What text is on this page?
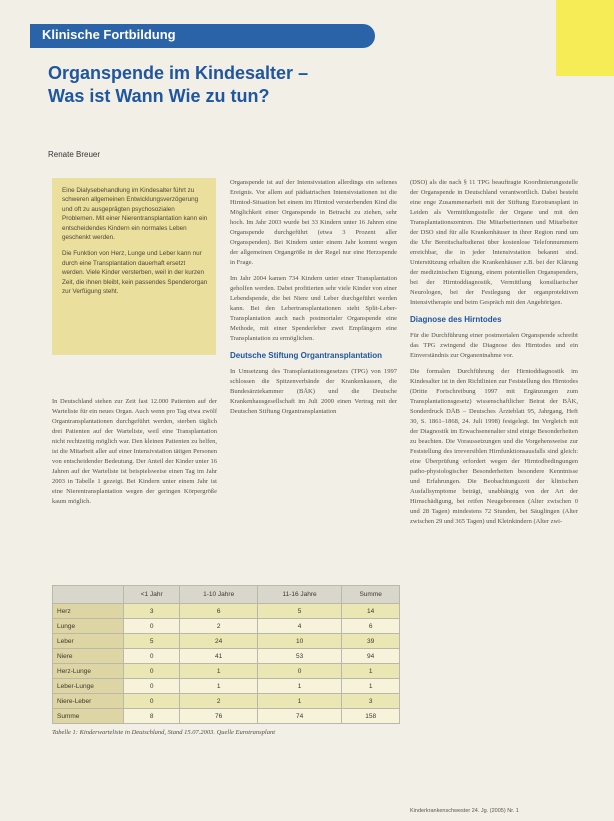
Klinische Fortbildung
Organspende im Kindesalter –
Was ist Wann Wie zu tun?
Renate Breuer

Eine Dialysebehandlung im Kindesalter führt zu schweren allgemeinen Entwicklungsverzögerung und oft zu ausgeprägten psychosozialen Problemen. Mit einer Nierentransplantation kann ein entscheidendes Kindern ein normales Leben geschenkt werden.

Die Funktion von Herz, Lunge und Leber kann nur durch eine Transplantation dauerhaft ersetzt werden. Viele Kinder versterben, weil in der kurzen Zeit, die ihnen bleibt, kein passendes Spenderorgan zur Verfügung steht.

In Deutschland stehen zur Zeit fast 12.000 Patienten auf der Warteliste für ein neues Organ. Auch wenn pro Tag etwa zwölf Organtransplantationen durchgeführt werden, sterben täglich drei Patienten auf der Warteliste, weil eine Transplantation nicht rechtzeitig möglich war. Den kleinen Patienten zu helfen, ist die Mitarbeit aller auf einer Intensivstation tätigen Personen von entscheidender Bedeutung. Der Anteil der Kinder unter 16 Jahren auf der Warteliste ist beispielsweise einen Tag im Jahr 2003 in Tabelle 1 gezeigt. Bei Kindern unter einem Jahr ist eine Nierentransplantation wegen der geringen Körpergröße kaum möglich.

Organspende ist auf der Intensivstation allerdings ein seltenes Ereignis. Vor allem auf pädiatrischen Intensivstationen ist die Hirntod-Situation bei einem im Hirntod versterbenden Kind die Möglichkeit einer Organspende in Betracht zu ziehen, sehr hoch. Im Jahr 2003 wurde bei 33 Kindern unter 16 Jahren eine Organspende durchgeführt (etwa 3 Prozent aller Organspenden). Bei Kindern unter einem Jahr kommt wegen der allgemeinen Organgröße in der Regel nur eine Herzspende in Frage.

Im Jahr 2004 kamen 734 Kindern unter einer Transplantation geholfen werden. Dabei profitierten sehr viele Kinder von einer Lebendspende, die bei Niere und Leber durchgeführt werden kann. Bei den Lebertransplantationen steht Split-Leber-Transplantation auch nach postmortaler Organspende eine Methode, mit einer Spenderleber zwei Empfängern eine Transplantation zu ermöglichen.

Deutsche Stiftung Organtransplantation

In Umsetzung des Transplantationsgesetzes (TPG) von 1997 schlossen die Spitzenverbände der Krankenkassen, die Bundesärztekammer (BÄK) und die Deutsche Krankenhausgesellschaft im Juli 2000 einen Vertrag mit der Deutschen Stiftung Organtransplantation

(DSO) als die nach § 11 TPG beauftragte Koordinierungsstelle der Organspende in Deutschland verantwortlich. Dabei besteht eine enge Zusammenarbeit mit der Stiftung Eurotransplant in Leiden als Vermittlungsstelle der Organe und mit den Transplantationszentren. Die Mitarbeiterinnen und Mitarbeiter der DSO sind für alle Krankenhäuser in ihrer Region rund um die Uhr Bereitschaftsdienst über kostenlose Telefonnummern erreichbar, die in jeder Intensivstation bekannt sind. Unterstützung erhalten die Krankenhäuser z.B. bei der Klärung der medizinischen Eignung, einem potentiellen Organspenders, bei der Hirntoddiagnostik, Vermittlung konsiliarischer Neurologen, bei der Festlegung der organprotektiven Intensivtherapie und beim Gespräch mit den Angehörigen.

Diagnose des Hirntodes

Für die Durchführung einer postmortalen Organspende schreibt das TPG zwingend die Diagnose des Hirntodes und ein Einverständnis zur Organentnahme vor.

Die formalen Durchführung der Hirntoddiagnostik im Kindesalter ist in den Richtlinien zur Feststellung des Hirntodes (Dritte Fortschreibung 1997 mit Ergänzungen zum Transplantationsgesetz) wissenschaftlicher Beirat der BÄK, Sonderdruck DÄB – Deutsches Ärzteblatt 95, Jahrgang, Heft 30, S. 1861–1868, 24. Juli 1998) festgelegt. Im Vergleich mit der Diagnostik im Erwachsenenalter sind einige Besonderheiten zu beachten. Die Voraussetzungen und die Vorgehensweise zur Feststellung des irreversiblen Hirnfunktionsausfalls sind gleich: eine Überprüfung erfordert wegen der Hirntodbedingungen patho-physiologischer Besonderheiten besondere Kenntnisse und Erfahrungen. Die Beobachtungszeit der klinischen Ausfallsymptome beträgt, unabhängig von der Art der Hirnschädigung, bei reifen Neugeborenen (Alter zwischen 0 und 28 Tagen) mindestens 72 Stunden, bei Säuglingen (Alter zwischen 29 und 365 Tagen) und Kleinkindern (Alter zwi-

	<1 Jahr	1-10 Jahre	11-16 Jahre	Summe
Herz	3	6	5	14
Lunge	0	2	4	6
Leber	5	24	10	39
Niere	0	41	53	94
Herz-Lunge	0	1	0	1
Leber-Lunge	0	1	1	1
Niere-Leber	0	2	1	3
Summe	8	76	74	158
Tabelle 1: Kinderwarteliste in Deutschland, Stand 15.07.2003. Quelle Eurotransplant
Kinderkrankenschwester 24. Jg. (2005) Nr. 1
